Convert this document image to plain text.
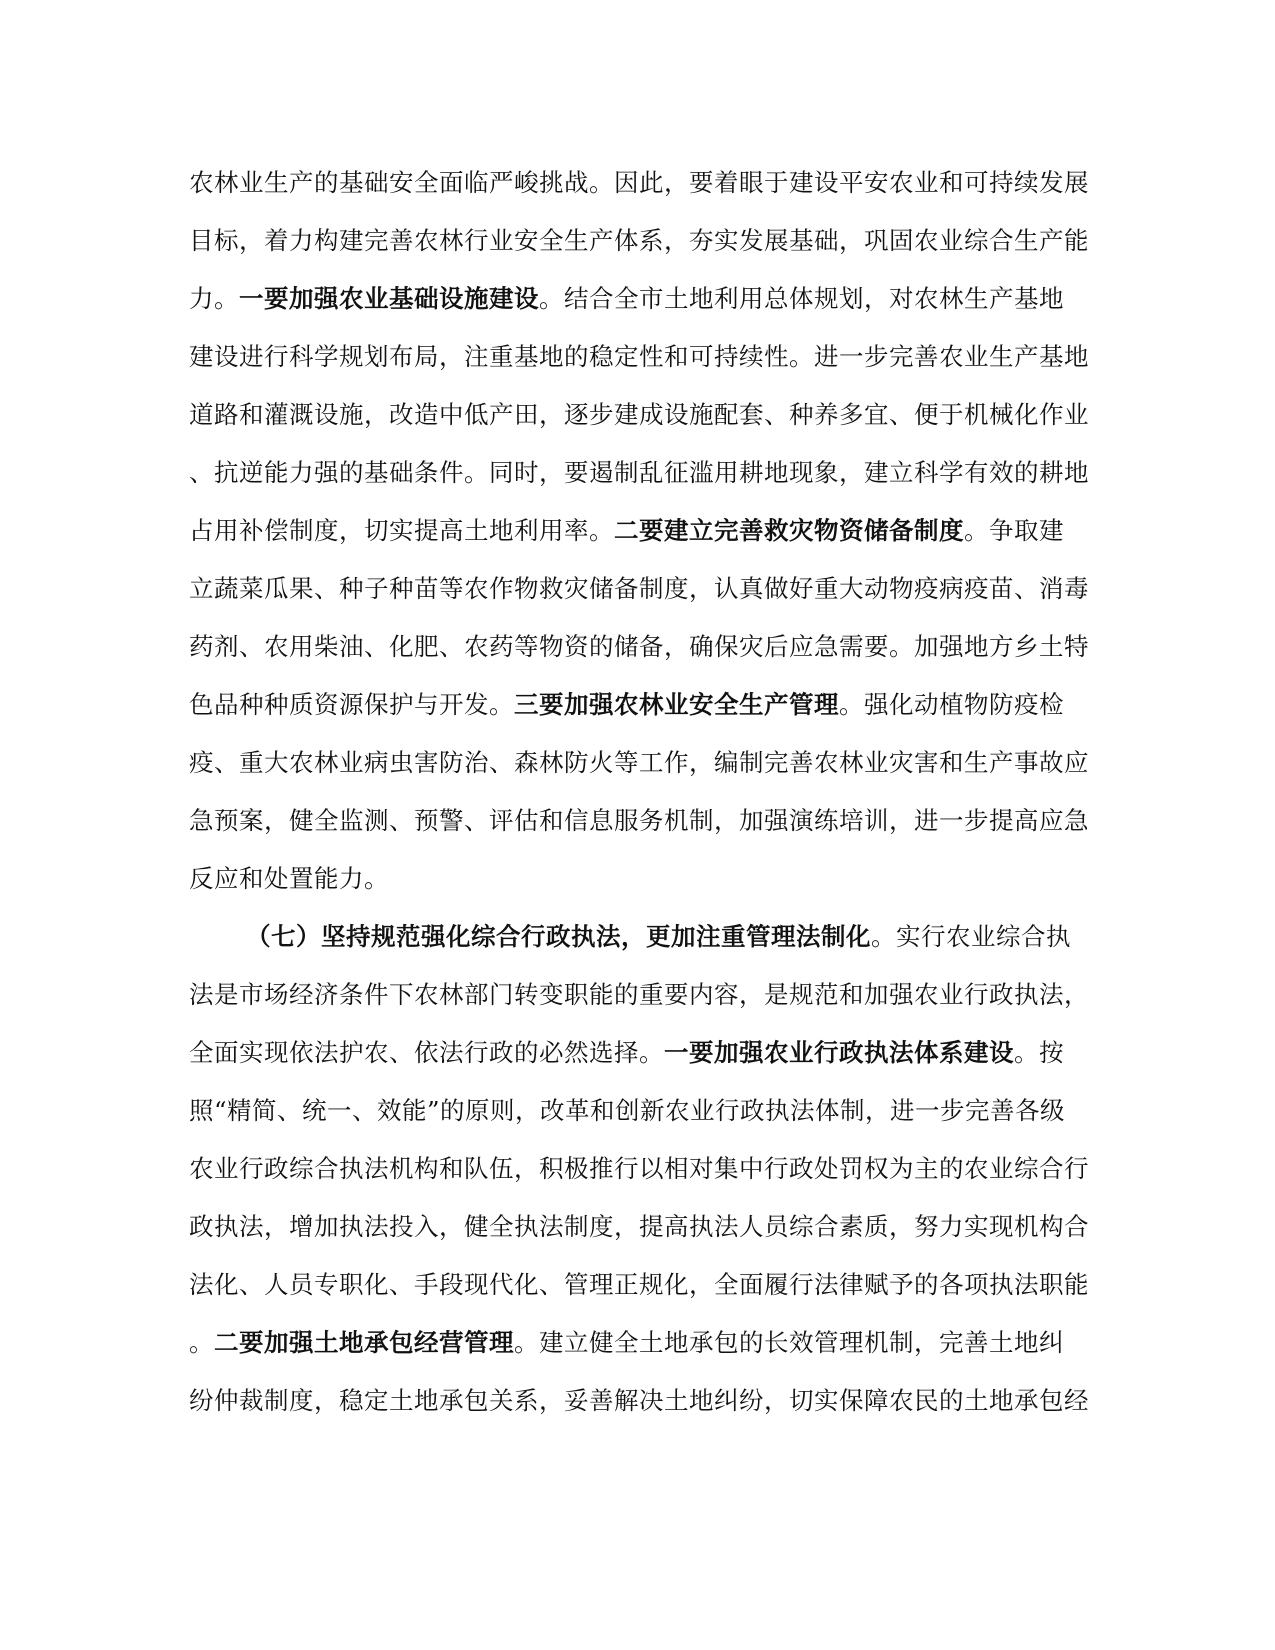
农林业生产的基础安全面临严峻挑战。因此，要着眼于建设平安农业和可持续发展
目标，着力构建完善农林行业安全生产体系，夯实发展基础，巩固农业综合生产能
力。一要加强农业基础设施建设。结合全市土地利用总体规划，对农林生产基地
建设进行科学规划布局，注重基地的稳定性和可持续性。进一步完善农业生产基地
道路和灌溉设施，改造中低产田，逐步建成设施配套、种养多宜、便于机械化作业
、抗逆能力强的基础条件。同时，要遏制乱征滥用耕地现象，建立科学有效的耕地
占用补偿制度，切实提高土地利用率。二要建立完善救灾物资储备制度。争取建
立蔬菜瓜果、种子种苗等农作物救灾储备制度，认真做好重大动物疫病疫苗、消毒
药剂、农用柴油、化肥、农药等物资的储备，确保灾后应急需要。加强地方乡土特
色品种种质资源保护与开发。三要加强农林业安全生产管理。强化动植物防疫检
疫、重大农林业病虫害防治、森林防火等工作，编制完善农林业灾害和生产事故应
急预案，健全监测、预警、评估和信息服务机制，加强演练培训，进一步提高应急
反应和处置能力。
（七）坚持规范强化综合行政执法，更加注重管理法制化。实行农业综合执
法是市场经济条件下农林部门转变职能的重要内容，是规范和加强农业行政执法，
全面实现依法护农、依法行政的必然选择。一要加强农业行政执法体系建设。按
照“精简、统一、效能”的原则，改革和创新农业行政执法体制，进一步完善各级
农业行政综合执法机构和队伍，积极推行以相对集中行政处罚权为主的农业综合行
政执法，增加执法投入，健全执法制度，提高执法人员综合素质，努力实现机构合
法化、人员专职化、手段现代化、管理正规化，全面履行法律赋予的各项执法职能
。二要加强土地承包经营管理。建立健全土地承包的长效管理机制，完善土地纠
纷仲裁制度，稳定土地承包关系，妥善解决土地纠纷，切实保障农民的土地承包经
